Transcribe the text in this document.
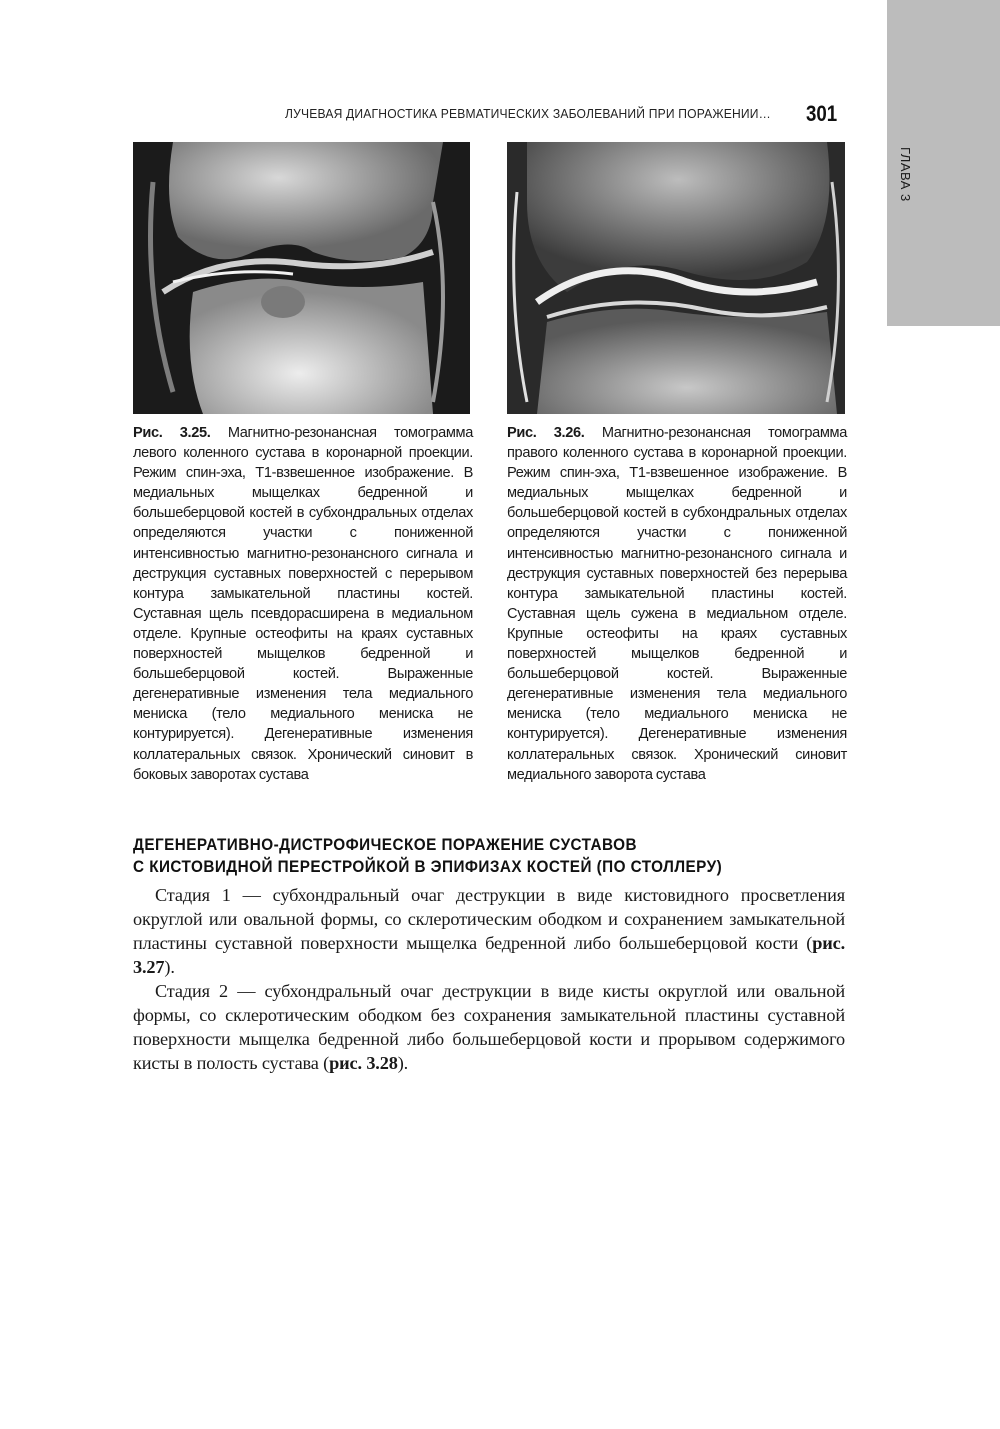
ГЛАВА 3
ЛУЧЕВАЯ ДИАГНОСТИКА РЕВМАТИЧЕСКИХ ЗАБОЛЕВАНИЙ ПРИ ПОРАЖЕНИИ… 301
Рис. 3.25. Магнитно-резонансная томограмма левого коленного сустава в коронарной проекции. Режим спин-эха, Т1-взвешенное изображение. В медиальных мыщелках бедренной и большеберцовой костей в субхондральных отделах определяются участки с пониженной интенсивностью магнитно-резонансного сигнала и деструкция суставных поверхностей с перерывом контура замыкательной пластины костей. Суставная щель псевдорасширена в медиальном отделе. Крупные остеофиты на краях суставных поверхностей мыщелков бедренной и большеберцовой костей. Выраженные дегенеративные изменения тела медиального мениска (тело медиального мениска не контурируется). Дегенеративные изменения коллатеральных связок. Хронический синовит в боковых заворотах сустава
Рис. 3.26. Магнитно-резонансная томограмма правого коленного сустава в коронарной проекции. Режим спин-эха, Т1-взвешенное изображение. В медиальных мыщелках бедренной и большеберцовой костей в субхондральных отделах определяются участки с пониженной интенсивностью магнитно-резонансного сигнала и деструкция суставных поверхностей без перерыва контура замыкательной пластины костей. Суставная щель сужена в медиальном отделе. Крупные остеофиты на краях суставных поверхностей мыщелков бедренной и большеберцовой костей. Выраженные дегенеративные изменения тела медиального мениска (тело медиального мениска не контурируется). Дегенеративные изменения коллатеральных связок. Хронический синовит медиального заворота сустава
ДЕГЕНЕРАТИВНО-ДИСТРОФИЧЕСКОЕ ПОРАЖЕНИЕ СУСТАВОВ
С КИСТОВИДНОЙ ПЕРЕСТРОЙКОЙ В ЭПИФИЗАХ КОСТЕЙ (ПО СТОЛЛЕРУ)

Стадия 1 — субхондральный очаг деструкции в виде кистовидного просветления округлой или овальной формы, со склеротическим ободком и сохранением замыкательной пластины суставной поверхности мыщелка бедренной либо большеберцовой кости (рис. 3.27).

Стадия 2 — субхондральный очаг деструкции в виде кисты округлой или овальной формы, со склеротическим ободком без сохранения замыкательной пластины суставной поверхности мыщелка бедренной либо большеберцовой кости и прорывом содержимого кисты в полость сустава (рис. 3.28).
